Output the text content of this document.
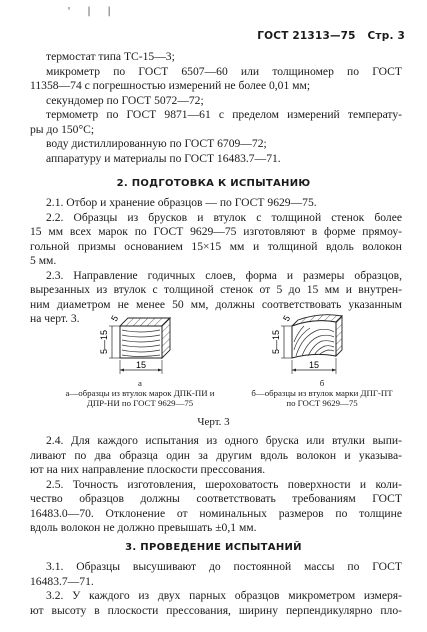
' | |
ГОСТ 21313—75 Стр. 3
термостат типа ТС-15—3;
микрометр по ГОСТ 6507—60 или толщиномер по ГОСТ
11358—74 с погрешностью измерений не более 0,01 мм;
секундомер по ГОСТ 5072—72;
термометр по ГОСТ 9871—61 с пределом измерений температу-
ры до 150°С;
воду дистиллированную по ГОСТ 6709—72;
аппаратуру и материалы по ГОСТ 16483.7—71.
2. ПОДГОТОВКА К ИСПЫТАНИЮ
2.1. Отбор и хранение образцов — по ГОСТ 9629—75.
2.2. Образцы из брусков и втулок с толщиной стенок более
15 мм всех марок по ГОСТ 9629—75 изготовляют в форме прямоу-
гольной призмы основанием 15×15 мм и толщиной вдоль волокон
5 мм.
2.3. Направление годичных слоев, форма и размеры образцов,
вырезанных из втулок с толщиной стенок от 5 до 15 мм и внутрен-
ним диаметром не менее 50 мм, должны соответствовать указанным
на черт. 3.
5—15
5
15
5—15
5
15
а
а—образцы из втулок марок ДПК-ПИ и
ДПР-НИ по ГОСТ 9629—75
б
б—образцы из втулок марки ДПГ-ПТ
по ГОСТ 9629—75
Черт. 3
2.4. Для каждого испытания из одного бруска или втулки выпи-
ливают по два образца один за другим вдоль волокон и указыва-
ют на них направление плоскости прессования.
2.5. Точность изготовления, шероховатость поверхности и коли-
чество образцов должны соответствовать требованиям ГОСТ
16483.0—70. Отклонение от номинальных размеров по толщине
вдоль волокон не должно превышать ±0,1 мм.
3. ПРОВЕДЕНИЕ ИСПЫТАНИЙ
3.1. Образцы высушивают до постоянной массы по ГОСТ
16483.7—71.
3.2. У каждого из двух парных образцов микрометром измеря-
ют высоту в плоскости прессования, ширину перпендикулярно пло-
